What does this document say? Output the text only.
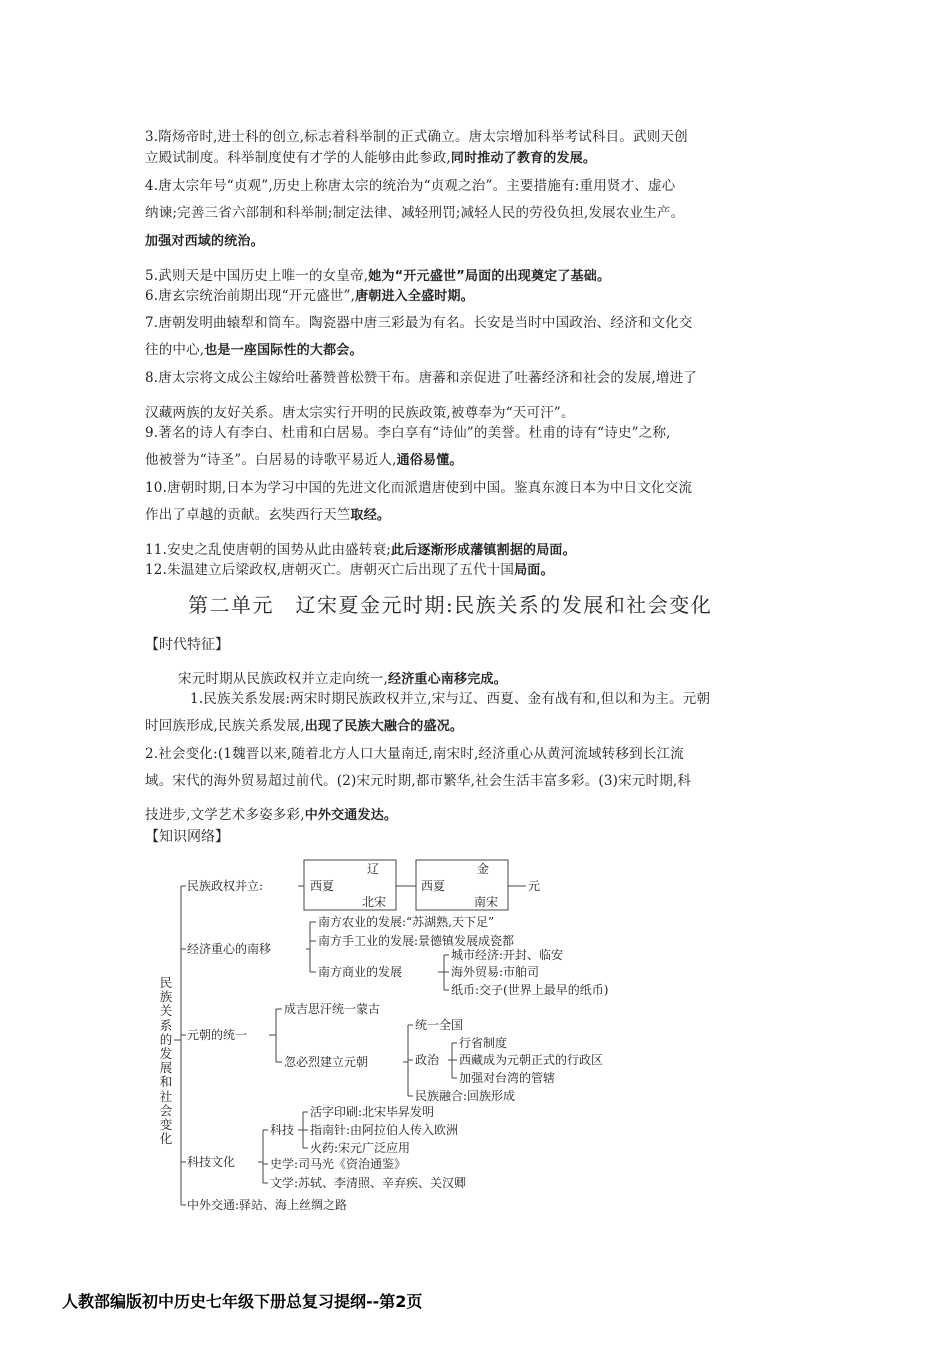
3.隋炀帝时,进士科的创立,标志着科举制的正式确立。唐太宗增加科举考试科目。武则天创
立殿试制度。科举制度使有才学的人能够由此参政,同时推动了教育的发展。
4.唐太宗年号“贞观”,历史上称唐太宗的统治为“贞观之治”。主要措施有:重用贤才、虚心
纳谏;完善三省六部制和科举制;制定法律、减轻刑罚;减轻人民的劳役负担,发展农业生产。
加强对西域的统治。
5.武则天是中国历史上唯一的女皇帝,她为“开元盛世”局面的出现奠定了基础。
6.唐玄宗统治前期出现“开元盛世”,唐朝进入全盛时期。
7.唐朝发明曲辕犁和筒车。陶瓷器中唐三彩最为有名。长安是当时中国政治、经济和文化交
往的中心,也是一座国际性的大都会。
8.唐太宗将文成公主嫁给吐蕃赞普松赞干布。唐蕃和亲促进了吐蕃经济和社会的发展,增进了
汉藏两族的友好关系。唐太宗实行开明的民族政策,被尊奉为“天可汗”。
9.著名的诗人有李白、杜甫和白居易。李白享有“诗仙”的美誉。杜甫的诗有“诗史”之称,
他被誉为“诗圣”。白居易的诗歌平易近人,通俗易懂。
10.唐朝时期,日本为学习中国的先进文化而派遣唐使到中国。鉴真东渡日本为中日文化交流
作出了卓越的贡献。玄奘西行天竺取经。
11.安史之乱使唐朝的国势从此由盛转衰;此后逐渐形成藩镇割据的局面。
12.朱温建立后梁政权,唐朝灭亡。唐朝灭亡后出现了五代十国局面。
第二单元　辽宋夏金元时期:民族关系的发展和社会变化
【时代特征】
宋元时期从民族政权并立走向统一,经济重心南移完成。
1.民族关系发展:两宋时期民族政权并立,宋与辽、西夏、金有战有和,但以和为主。元朝
时回族形成,民族关系发展,出现了民族大融合的盛况。
2.社会变化:(1魏晋以来,随着北方人口大量南迁,南宋时,经济重心从黄河流域转移到长江流
域。宋代的海外贸易超过前代。(2)宋元时期,都市繁华,社会生活丰富多彩。(3)宋元时期,科
技进步,文学艺术多姿多彩,中外交通发达。
【知识网络】
民族关系的发展和社会变化
民族政权并立:
辽
西夏
北宋
金
西夏
南宋
元
经济重心的南移
南方农业的发展:“苏湖熟,天下足”
南方手工业的发展:景德镇发展成瓷都
南方商业的发展
城市经济:开封、临安
海外贸易:市舶司
纸币:交子(世界上最早的纸币)
元朝的统一
成吉思汗统一蒙古
忽必烈建立元朝
统一全国
政治
行省制度
西藏成为元朝正式的行政区
加强对台湾的管辖
民族融合:回族形成
科技文化
科技
活字印刷:北宋毕昇发明
指南针:由阿拉伯人传入欧洲
火药:宋元广泛应用
史学:司马光《资治通鉴》
文学:苏轼、李清照、辛弃疾、关汉卿
中外交通:驿站、海上丝绸之路
人教部编版初中历史七年级下册总复习提纲--第2页
